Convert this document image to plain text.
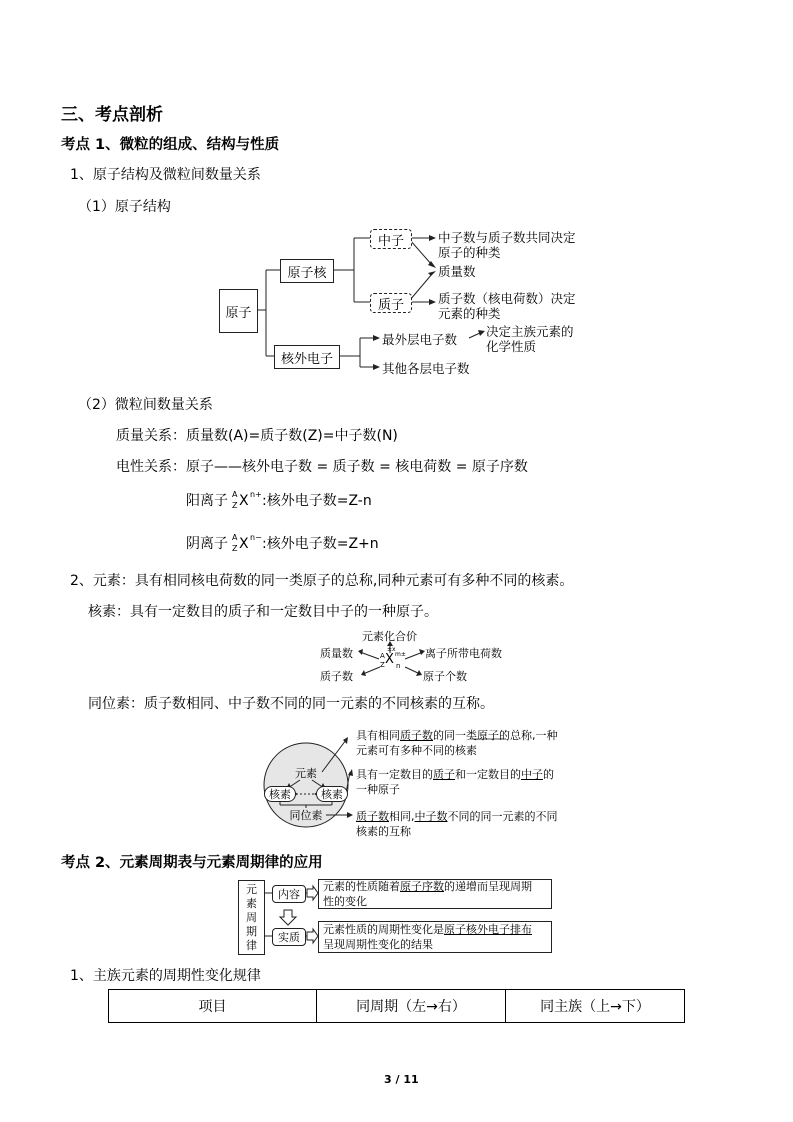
三、考点剖析
考点 1、微粒的组成、结构与性质
1、原子结构及微粒间数量关系
（1）原子结构
原子
原子核
核外电子
中子
质子
中子数与质子数共同决定
原子的种类
质量数
质子数（核电荷数）决定
元素的种类
最外层电子数
决定主族元素的
化学性质
其他各层电子数
（2）微粒间数量关系
质量关系：质量数(A)=质子数(Z)=中子数(N)
电性关系：原子——核外电子数 = 质子数 = 核电荷数 = 原子序数
阳离子 A
Z X n+ :核外电子数=Z-n
阴离子 A
Z X n− :核外电子数=Z+n
2、元素：具有相同核电荷数的同一类原子的总称,同种元素可有多种不同的核素。
核素：具有一定数目的质子和一定数目中子的一种原子。
元素化合价
质量数	离子所带电荷数
质子数	原子个数
±x
A
Z X m±
n
同位素：质子数相同、中子数不同的同一元素的不同核素的互称。
元素
核素	核素
同位素
具有相同质子数的同一类原子的总称,一种
元素可有多种不同的核素
具有一定数目的质子和一定数目的中子的
一种原子
质子数相同,中子数不同的同一元素的不同
核素的互称
考点 2、元素周期表与元素周期律的应用
元
素
周
期
律
内容
实质
元素的性质随着原子序数的递增而呈现周期
性的变化
元素性质的周期性变化是原子核外电子排布
呈现周期性变化的结果
1、主族元素的周期性变化规律
项目	同周期（左→右）	同主族（上→下）
3 / 11
